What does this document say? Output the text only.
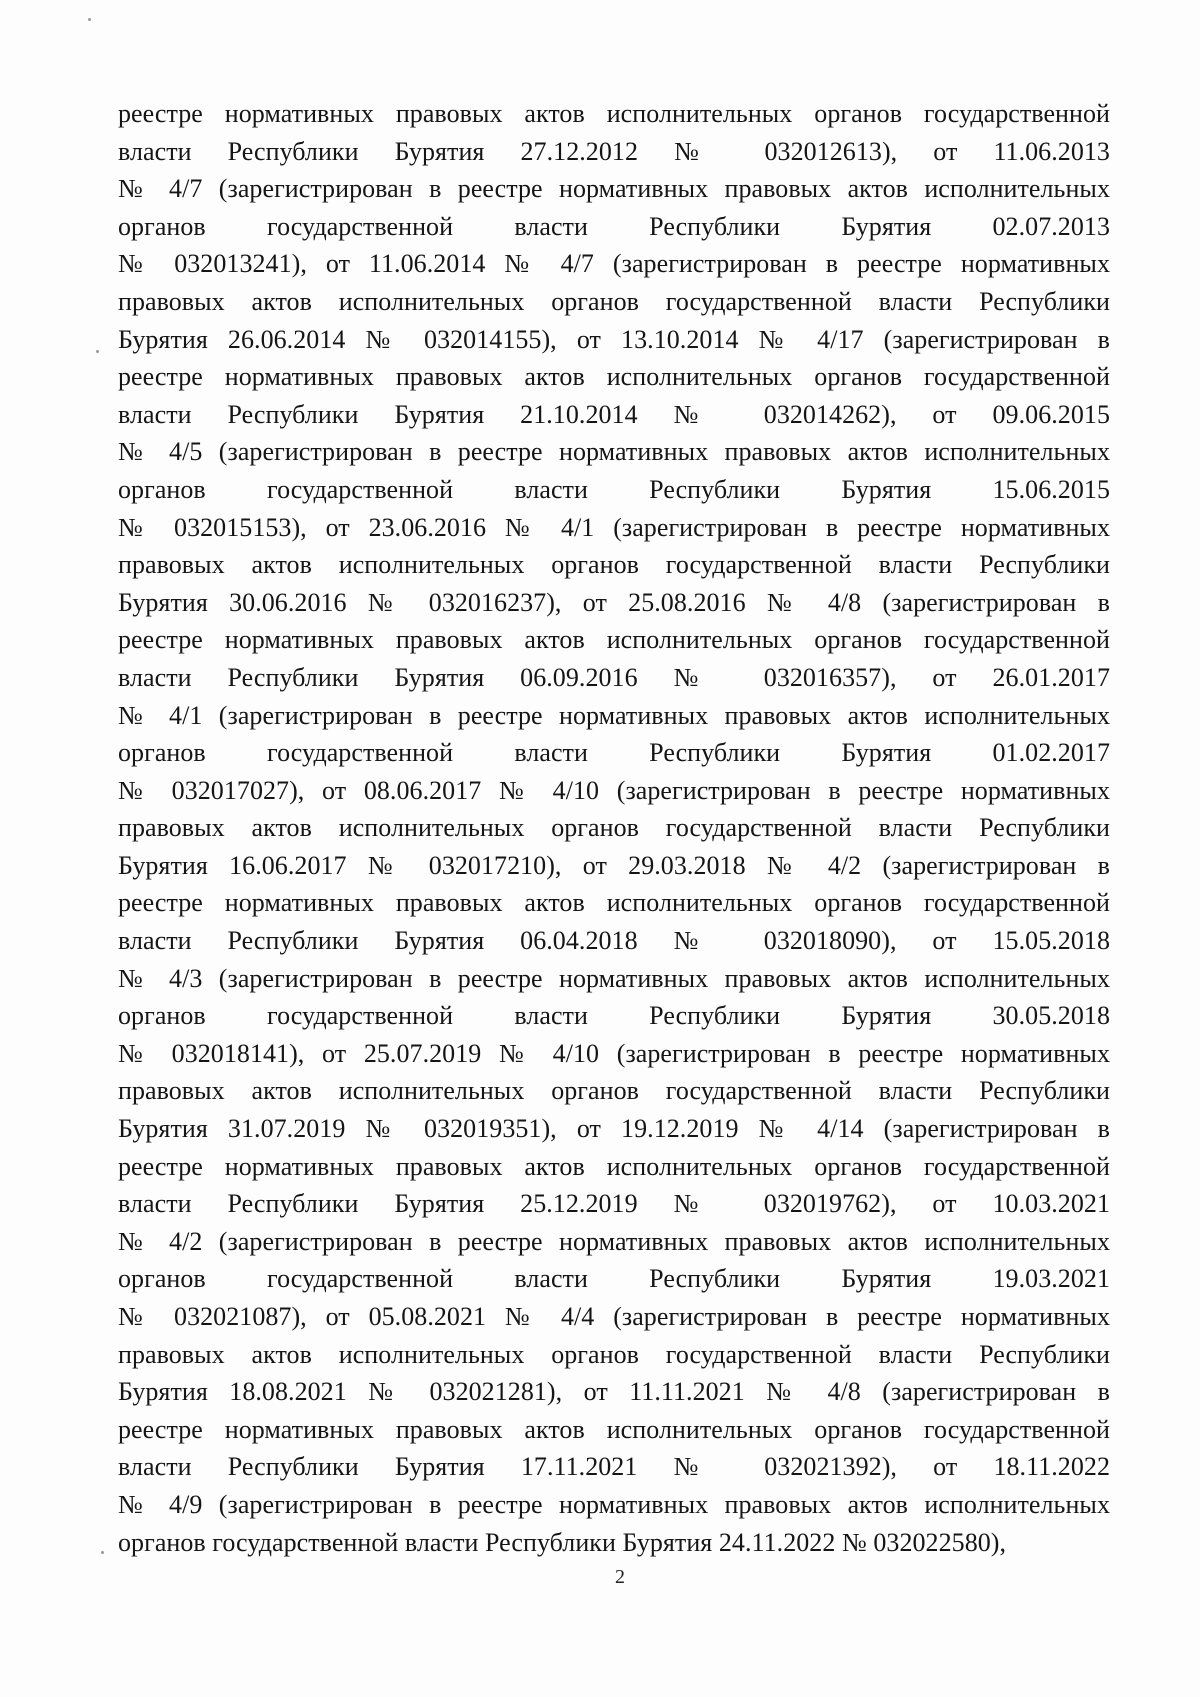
реестре нормативных правовых актов исполнительных органов государственной
власти Республики Бурятия 27.12.2012 № 032012613), от 11.06.2013
№ 4/7 (зарегистрирован в реестре нормативных правовых актов исполнительных
органов государственной власти Республики Бурятия 02.07.2013
№ 032013241), от 11.06.2014 № 4/7 (зарегистрирован в реестре нормативных
правовых актов исполнительных органов государственной власти Республики
Бурятия 26.06.2014 № 032014155), от 13.10.2014 № 4/17 (зарегистрирован в
реестре нормативных правовых актов исполнительных органов государственной
власти Республики Бурятия 21.10.2014 № 032014262), от 09.06.2015
№ 4/5 (зарегистрирован в реестре нормативных правовых актов исполнительных
органов государственной власти Республики Бурятия 15.06.2015
№ 032015153), от 23.06.2016 № 4/1 (зарегистрирован в реестре нормативных
правовых актов исполнительных органов государственной власти Республики
Бурятия 30.06.2016 № 032016237), от 25.08.2016 № 4/8 (зарегистрирован в
реестре нормативных правовых актов исполнительных органов государственной
власти Республики Бурятия 06.09.2016 № 032016357), от 26.01.2017
№ 4/1 (зарегистрирован в реестре нормативных правовых актов исполнительных
органов государственной власти Республики Бурятия 01.02.2017
№ 032017027), от 08.06.2017 № 4/10 (зарегистрирован в реестре нормативных
правовых актов исполнительных органов государственной власти Республики
Бурятия 16.06.2017 № 032017210), от 29.03.2018 № 4/2 (зарегистрирован в
реестре нормативных правовых актов исполнительных органов государственной
власти Республики Бурятия 06.04.2018 № 032018090), от 15.05.2018
№ 4/3 (зарегистрирован в реестре нормативных правовых актов исполнительных
органов государственной власти Республики Бурятия 30.05.2018
№ 032018141), от 25.07.2019 № 4/10 (зарегистрирован в реестре нормативных
правовых актов исполнительных органов государственной власти Республики
Бурятия 31.07.2019 № 032019351), от 19.12.2019 № 4/14 (зарегистрирован в
реестре нормативных правовых актов исполнительных органов государственной
власти Республики Бурятия 25.12.2019 № 032019762), от 10.03.2021
№ 4/2 (зарегистрирован в реестре нормативных правовых актов исполнительных
органов государственной власти Республики Бурятия 19.03.2021
№ 032021087), от 05.08.2021 № 4/4 (зарегистрирован в реестре нормативных
правовых актов исполнительных органов государственной власти Республики
Бурятия 18.08.2021 № 032021281), от 11.11.2021 № 4/8 (зарегистрирован в
реестре нормативных правовых актов исполнительных органов государственной
власти Республики Бурятия 17.11.2021 № 032021392), от 18.11.2022
№ 4/9 (зарегистрирован в реестре нормативных правовых актов исполнительных
органов государственной власти Республики Бурятия 24.11.2022 № 032022580),
2
